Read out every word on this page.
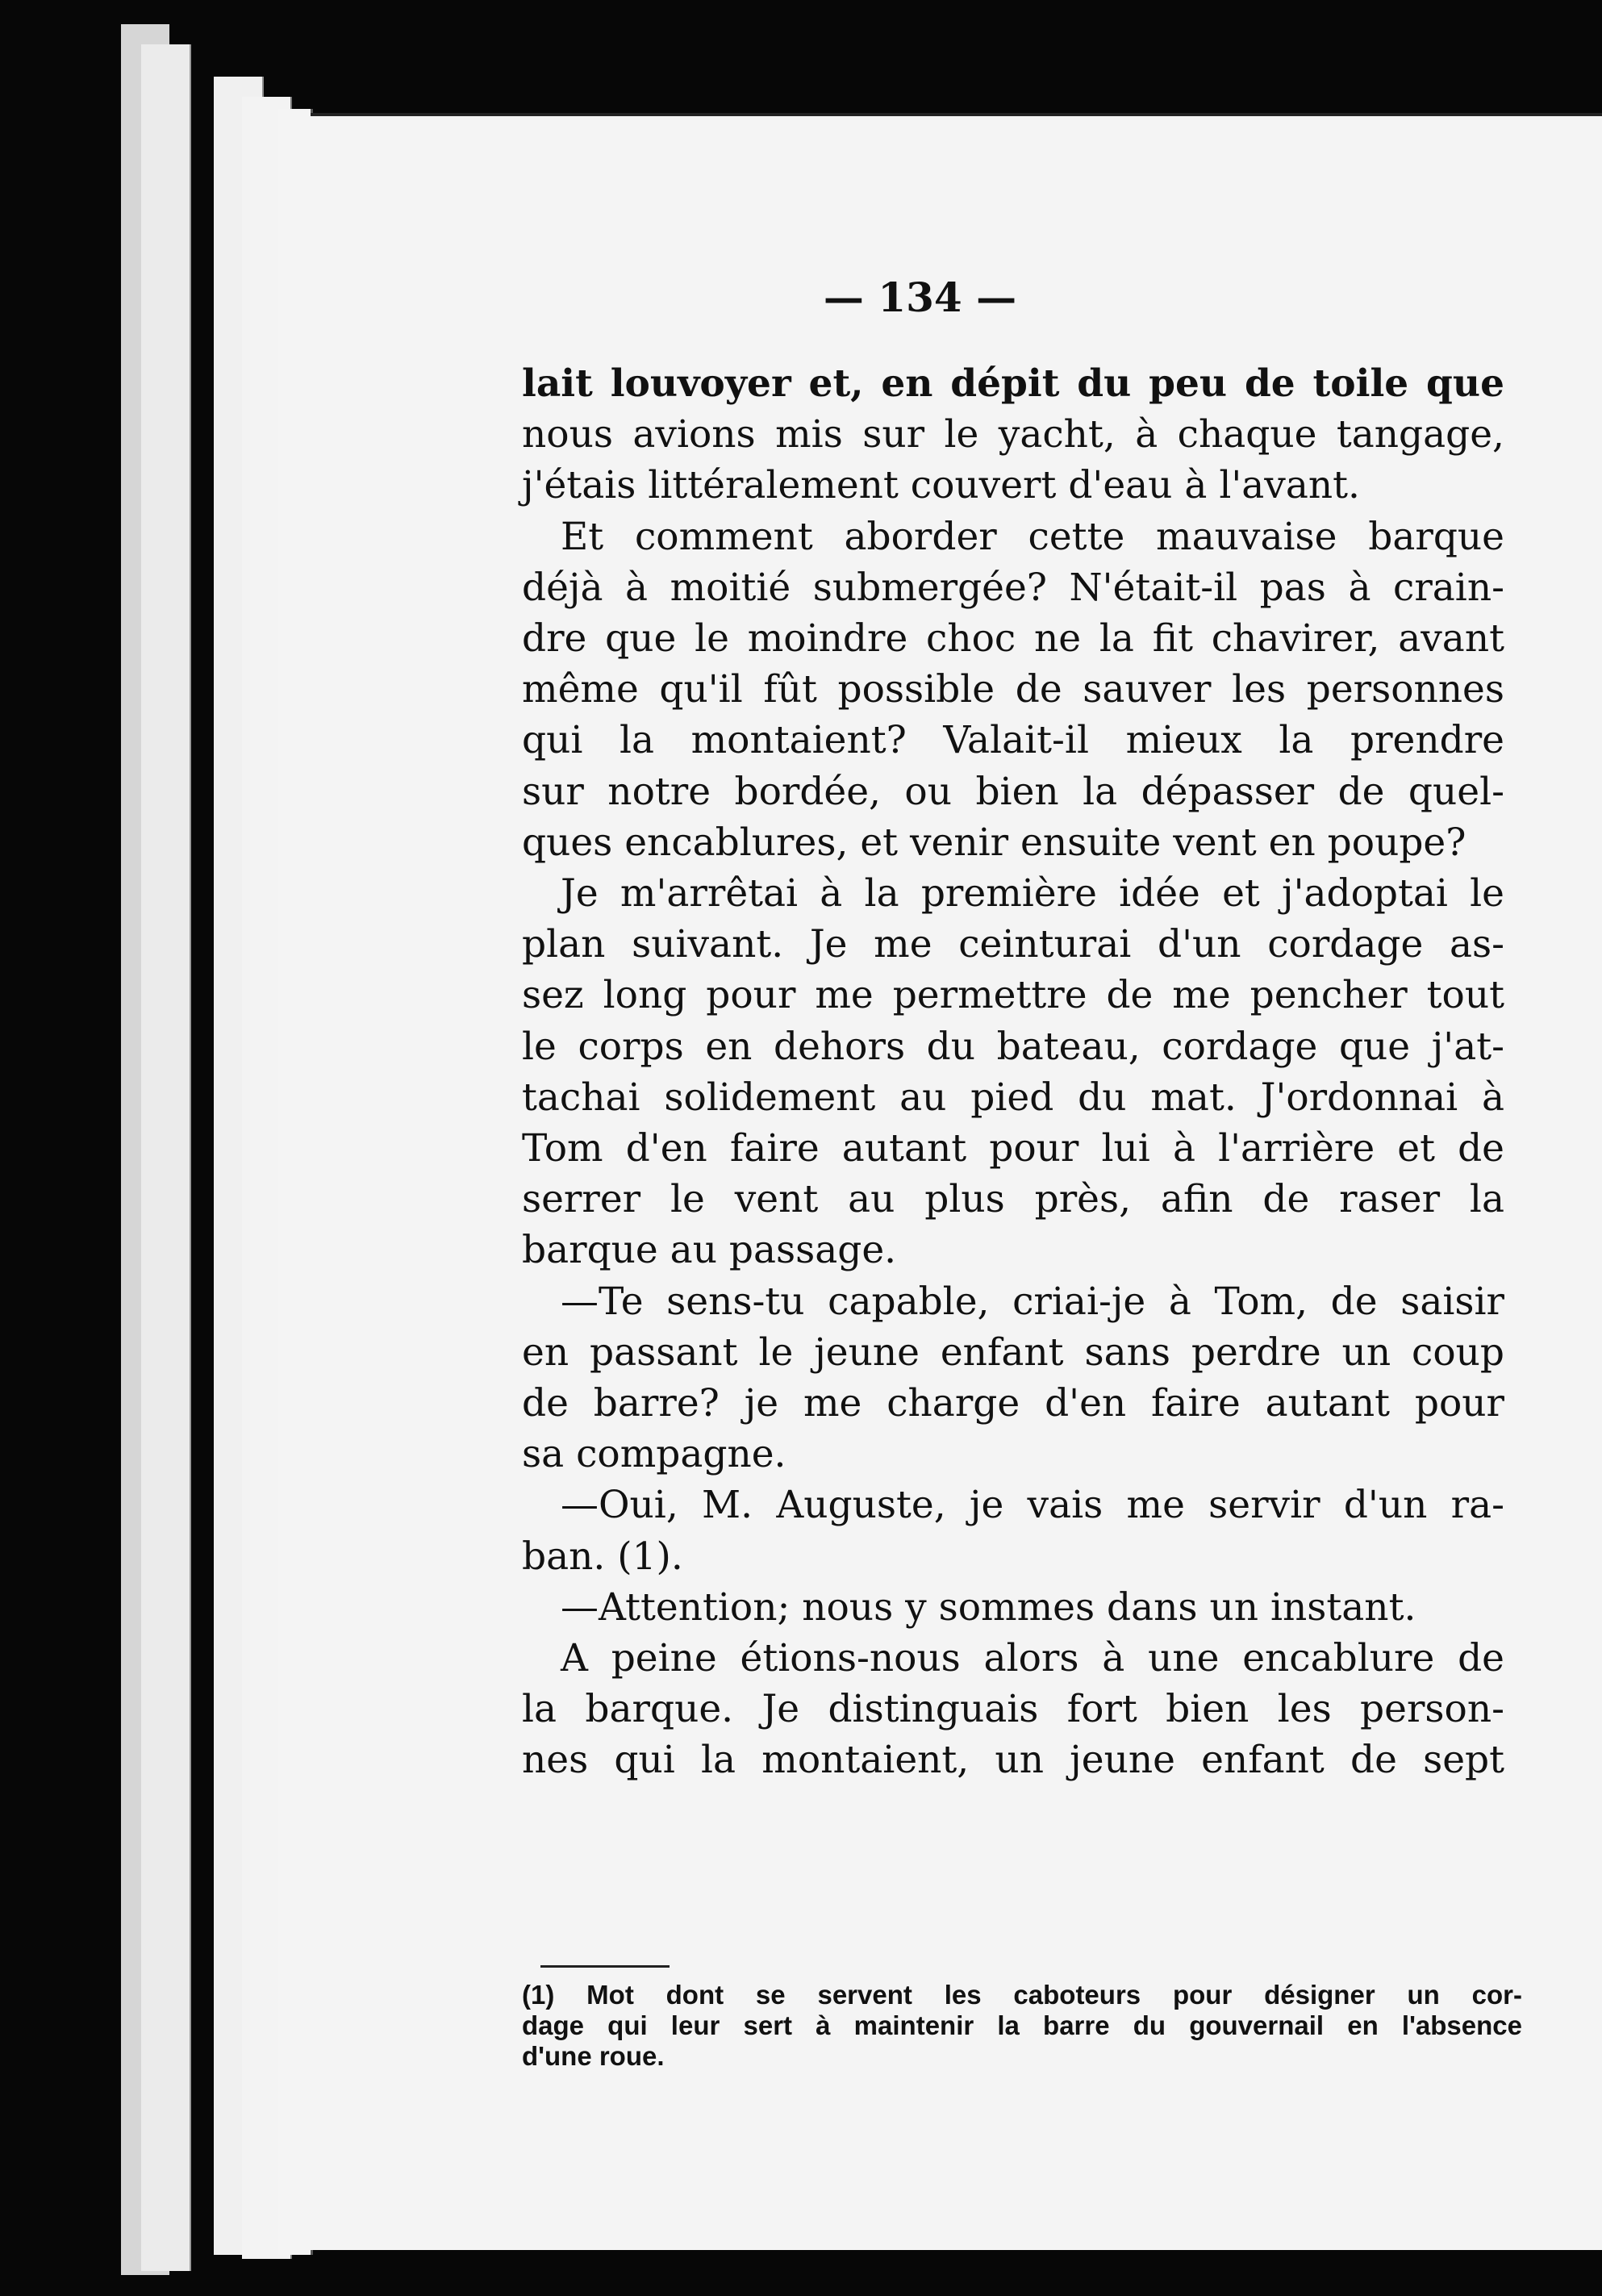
— 134 —
lait louvoyer et, en dépit du peu de toile que
nous avions mis sur le yacht, à chaque tangage,
j'étais littéralement couvert d'eau à l'avant.
Et comment aborder cette mauvaise barque
déjà à moitié submergée? N'était-il pas à crain-
dre que le moindre choc ne la fit chavirer, avant
même qu'il fût possible de sauver les personnes
qui la montaient? Valait-il mieux la prendre
sur notre bordée, ou bien la dépasser de quel-
ques encablures, et venir ensuite vent en poupe?
Je m'arrêtai à la première idée et j'adoptai le
plan suivant. Je me ceinturai d'un cordage as-
sez long pour me permettre de me pencher tout
le corps en dehors du bateau, cordage que j'at-
tachai solidement au pied du mat. J'ordonnai à
Tom d'en faire autant pour lui à l'arrière et de
serrer le vent au plus près, afin de raser la
barque au passage.
—Te sens-tu capable, criai-je à Tom, de saisir
en passant le jeune enfant sans perdre un coup
de barre? je me charge d'en faire autant pour
sa compagne.
—Oui, M. Auguste, je vais me servir d'un ra-
ban. (1).
—Attention; nous y sommes dans un instant.
A peine étions-nous alors à une encablure de
la barque. Je distinguais fort bien les person-
nes qui la montaient, un jeune enfant de sept
(1) Mot dont se servent les caboteurs pour désigner un cor-
dage qui leur sert à maintenir la barre du gouvernail en l'absence
d'une roue.
